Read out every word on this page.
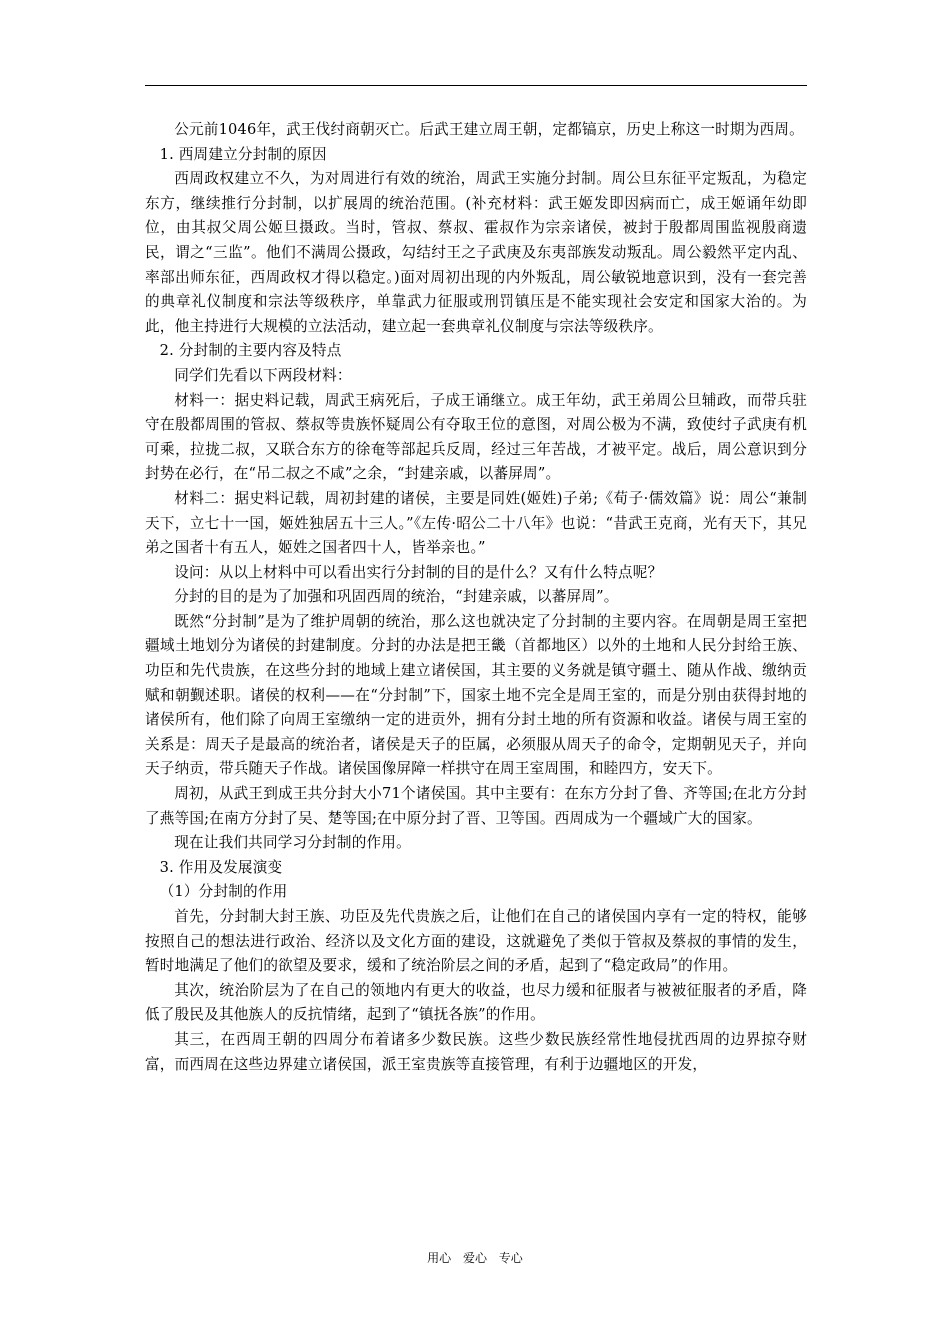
公元前1046年，武王伐纣商朝灭亡。后武王建立周王朝，定都镐京，历史上称这一时期为西周。

1. 西周建立分封制的原因

西周政权建立不久，为对周进行有效的统治，周武王实施分封制。周公旦东征平定叛乱，为稳定东方，继续推行分封制，以扩展周的统治范围。(补充材料：武王姬发即因病而亡，成王姬诵年幼即位，由其叔父周公姬旦摄政。当时，管叔、蔡叔、霍叔作为宗亲诸侯，被封于殷都周围监视殷商遗民，谓之“三监”。他们不满周公摄政，勾结纣王之子武庚及东夷部族发动叛乱。周公毅然平定内乱、率部出师东征，西周政权才得以稳定。)面对周初出现的内外叛乱，周公敏锐地意识到，没有一套完善的典章礼仪制度和宗法等级秩序，单靠武力征服或刑罚镇压是不能实现社会安定和国家大治的。为此，他主持进行大规模的立法活动，建立起一套典章礼仪制度与宗法等级秩序。

2. 分封制的主要内容及特点

同学们先看以下两段材料：

材料一：据史料记载，周武王病死后，子成王诵继立。成王年幼，武王弟周公旦辅政，而带兵驻守在殷都周围的管叔、蔡叔等贵族怀疑周公有夺取王位的意图，对周公极为不满，致使纣子武庚有机可乘，拉拢二叔，又联合东方的徐奄等部起兵反周，经过三年苦战，才被平定。战后，周公意识到分封势在必行，在“吊二叔之不咸”之余，“封建亲戚，以蕃屏周”。

材料二：据史料记载，周初封建的诸侯，主要是同姓(姬姓)子弟;《荀子·儒效篇》说：周公“兼制天下，立七十一国，姬姓独居五十三人。”《左传·昭公二十八年》也说：“昔武王克商，光有天下，其兄弟之国者十有五人，姬姓之国者四十人，皆举亲也。”

设问：从以上材料中可以看出实行分封制的目的是什么？又有什么特点呢？

分封的目的是为了加强和巩固西周的统治，“封建亲戚，以蕃屏周”。

既然“分封制”是为了维护周朝的统治，那么这也就决定了分封制的主要内容。在周朝是周王室把疆域土地划分为诸侯的封建制度。分封的办法是把王畿（首都地区）以外的土地和人民分封给王族、功臣和先代贵族，在这些分封的地域上建立诸侯国，其主要的义务就是镇守疆土、随从作战、缴纳贡赋和朝觐述职。诸侯的权利——在“分封制”下，国家土地不完全是周王室的，而是分别由获得封地的诸侯所有，他们除了向周王室缴纳一定的进贡外，拥有分封土地的所有资源和收益。诸侯与周王室的关系是：周天子是最高的统治者，诸侯是天子的臣属，必须服从周天子的命令，定期朝见天子，并向天子纳贡，带兵随天子作战。诸侯国像屏障一样拱守在周王室周围，和睦四方，安天下。

周初，从武王到成王共分封大小71个诸侯国。其中主要有：在东方分封了鲁、齐等国;在北方分封了燕等国;在南方分封了吴、楚等国;在中原分封了晋、卫等国。西周成为一个疆域广大的国家。

现在让我们共同学习分封制的作用。

3. 作用及发展演变

（1）分封制的作用

首先，分封制大封王族、功臣及先代贵族之后，让他们在自己的诸侯国内享有一定的特权，能够按照自己的想法进行政治、经济以及文化方面的建设，这就避免了类似于管叔及蔡叔的事情的发生，暂时地满足了他们的欲望及要求，缓和了统治阶层之间的矛盾，起到了“稳定政局”的作用。

其次，统治阶层为了在自己的领地内有更大的收益，也尽力缓和征服者与被被征服者的矛盾，降低了殷民及其他族人的反抗情绪，起到了“镇抚各族”的作用。

其三，在西周王朝的四周分布着诸多少数民族。这些少数民族经常性地侵扰西周的边界掠夺财富，而西周在这些边界建立诸侯国，派王室贵族等直接管理，有利于边疆地区的开发，

用心 爱心 专心
